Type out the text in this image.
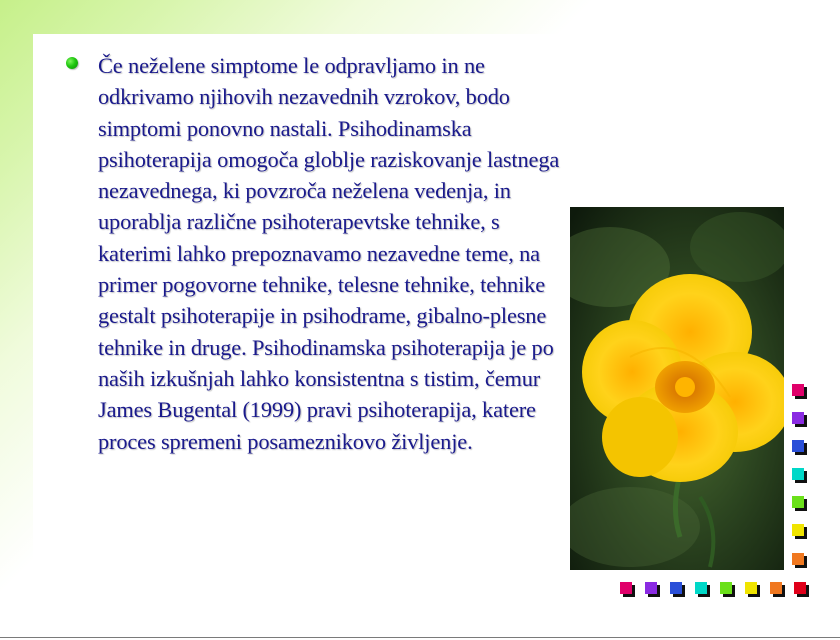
Če neželene simptome le odpravljamo in ne odkrivamo njihovih nezavednih vzrokov, bodo simptomi ponovno nastali. Psihodinamska psihoterapija omogoča globlje raziskovanje lastnega nezavednega, ki povzroča neželena vedenja, in uporablja različne psihoterapevtske tehnike, s katerimi lahko prepoznavamo nezavedne teme, na primer pogovorne tehnike, telesne tehnike, tehnike gestalt psihoterapije in psihodrame, gibalno-plesne tehnike in druge. Psihodinamska psihoterapija je po naših izkušnjah lahko konsistentna s tistim, čemur James Bugental (1999) pravi psihoterapija, katere proces spremeni posameznikovo življenje.
